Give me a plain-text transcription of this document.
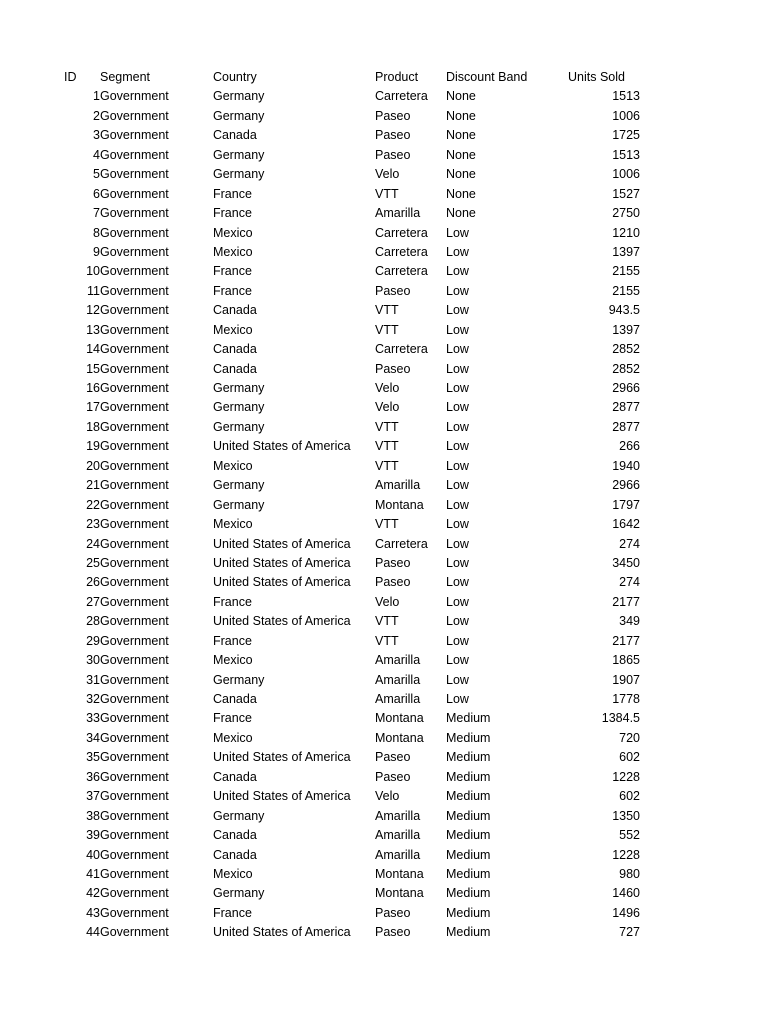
ID	Segment	Country	Product	Discount Band	Units Sold
1	Government	Germany	Carretera	None	1513
2	Government	Germany	Paseo	None	1006
3	Government	Canada	Paseo	None	1725
4	Government	Germany	Paseo	None	1513
5	Government	Germany	Velo	None	1006
6	Government	France	VTT	None	1527
7	Government	France	Amarilla	None	2750
8	Government	Mexico	Carretera	Low	1210
9	Government	Mexico	Carretera	Low	1397
10	Government	France	Carretera	Low	2155
11	Government	France	Paseo	Low	2155
12	Government	Canada	VTT	Low	943.5
13	Government	Mexico	VTT	Low	1397
14	Government	Canada	Carretera	Low	2852
15	Government	Canada	Paseo	Low	2852
16	Government	Germany	Velo	Low	2966
17	Government	Germany	Velo	Low	2877
18	Government	Germany	VTT	Low	2877
19	Government	United States of America	VTT	Low	266
20	Government	Mexico	VTT	Low	1940
21	Government	Germany	Amarilla	Low	2966
22	Government	Germany	Montana	Low	1797
23	Government	Mexico	VTT	Low	1642
24	Government	United States of America	Carretera	Low	274
25	Government	United States of America	Paseo	Low	3450
26	Government	United States of America	Paseo	Low	274
27	Government	France	Velo	Low	2177
28	Government	United States of America	VTT	Low	349
29	Government	France	VTT	Low	2177
30	Government	Mexico	Amarilla	Low	1865
31	Government	Germany	Amarilla	Low	1907
32	Government	Canada	Amarilla	Low	1778
33	Government	France	Montana	Medium	1384.5
34	Government	Mexico	Montana	Medium	720
35	Government	United States of America	Paseo	Medium	602
36	Government	Canada	Paseo	Medium	1228
37	Government	United States of America	Velo	Medium	602
38	Government	Germany	Amarilla	Medium	1350
39	Government	Canada	Amarilla	Medium	552
40	Government	Canada	Amarilla	Medium	1228
41	Government	Mexico	Montana	Medium	980
42	Government	Germany	Montana	Medium	1460
43	Government	France	Paseo	Medium	1496
44	Government	United States of America	Paseo	Medium	727
